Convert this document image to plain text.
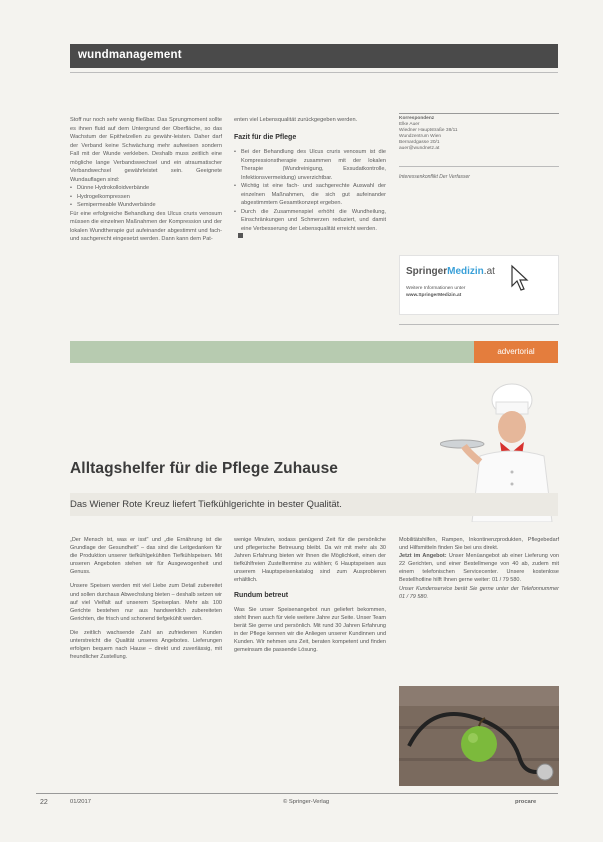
wundmanagement

Stoff nur noch sehr wenig fließbar. Das Sprungmoment sollte es ihnen fluid auf dem Untergrund der Oberfläche, so das Wachstum der Epithelzellen zu gewähr-leisten. Daher darf der Verband keine Schwächung mehr aufweisen sondern Fall mit der Wunde verkleben. Deshalb muss zeitlich eine mögliche lange Verbandswechsel und ein atraumatischer Verbandwechsel gewährleistet sein. Geeignete Wundauflagen sind:

• Dünne Hydrokolloidverbände
• Hydrogelkompressen
• Semipermeable Wundverbände

Für eine erfolgreiche Behandlung des Ulcus cruris venosum müssen die einzelnen Maßnahmen der Kompression und der lokalen Wundtherapie gut aufeinander abgestimmt und fach- und sachgerecht eingesetzt werden. Dann kann dem Pat-

enten viel Lebensqualität zurückgegeben werden.

Fazit für die Pflege
• Bei der Behandlung des Ulcus cruris venosum ist die Kompressionstherapie zusammen mit der lokalen Therapie (Wundreinigung, Exsudatkontrolle, Infektionsvermeidung) unverzichtbar.
• Wichtig ist eine fach- und sachgerechte Auswahl der einzelnen Maßnahmen, die sich gut aufeinander abgestimmtem Gesamtkonzept ergeben.
• Durch die Zusammenspiel erhöht die Wundheilung, Einschränkungen und Schmerzen reduziert, und damit eine Verbesserung der Lebensqualität erreicht werden.
Korrespondenz
Elke Auer
Wiedner Hauptstraße 38/11
Wundzentrum Wien
Bernardgasse 20/1
auer@wundnetz.at
Interessenkonflikt Der Verfasser
SpringerMedizin.at
Weitere Informationen unter
www.SpringerMedizin.at
advertorial
Alltagshelfer für die Pflege Zuhause
Das Wiener Rote Kreuz liefert Tiefkühlgerichte in bester Qualität.

„Der Mensch ist, was er isst" und „die Ernährung ist die Grundlage der Gesundheit" – das sind die Leitgedanken für die Produktion unserer tiefkühlgekühlten Tiefkühlspeisen. Mit unseren Angeboten stehen wir für Ausgewogenheit und Genuss.

Unsere Speisen werden mit viel Liebe zum Detail zubereitet und sollen durchaus Abwechslung bieten – deshalb setzen wir auf viel Vielfalt auf unserem Speiseplan. Mehr als 100 Gerichte bestehen nur aus handwerklich zubereiteten Gerichten, die frisch und schonend tiefgekühlt werden.

Die zeitlich wachsende Zahl an zufriedenen Kunden unterstreicht die Qualität unseres Angebotes. Lieferungen erfolgen bequem nach Hause – direkt und zuverlässig, mit freundlicher Zustellung.

wenige Minuten, sodass genügend Zeit für die persönliche und pflegerische Betreuung bleibt. Da wir mit mehr als 30 Jahren Erfahrung bieten wir Ihnen die Möglichkeit, einen der tiefkühlfreien Zustelltermine zu wählen; 6 Hauptspeisen aus unserem Hauptspeisenkatalog sind zum Ausprobieren erhältlich.

Rundum betreut

Was Sie unser Speisenangebot nun geliefert bekommen, steht Ihnen auch für viele weitere Jahre zur Seite. Unser Team berät Sie gerne und persönlich. Mit rund 30 Jahren Erfahrung in der Pflege kennen wir die Anliegen unserer Kundinnen und Kunden. Wir nehmen uns Zeit, beraten kompetent und finden gemeinsam die passende Lösung.

Mobilitätshilfen, Rampen, Inkontinenzprodukten, Pflegebedarf und Hilfsmitteln finden Sie bei uns direkt.

Jetzt im Angebot: Unser Menüangebot ab einer Lieferung von 22 Gerichten, und einer Bestellmenge von 40 ab, zudem mit einem telefonischen Servicecenter. Unsere kostenlose Bestellhotline hilft Ihnen gerne weiter: 01 / 79 580.

Unser Kundenservice berät Sie gerne unter der Telefonnummer 01 / 79 580.

22	01/2017	© Springer-Verlag	procare
